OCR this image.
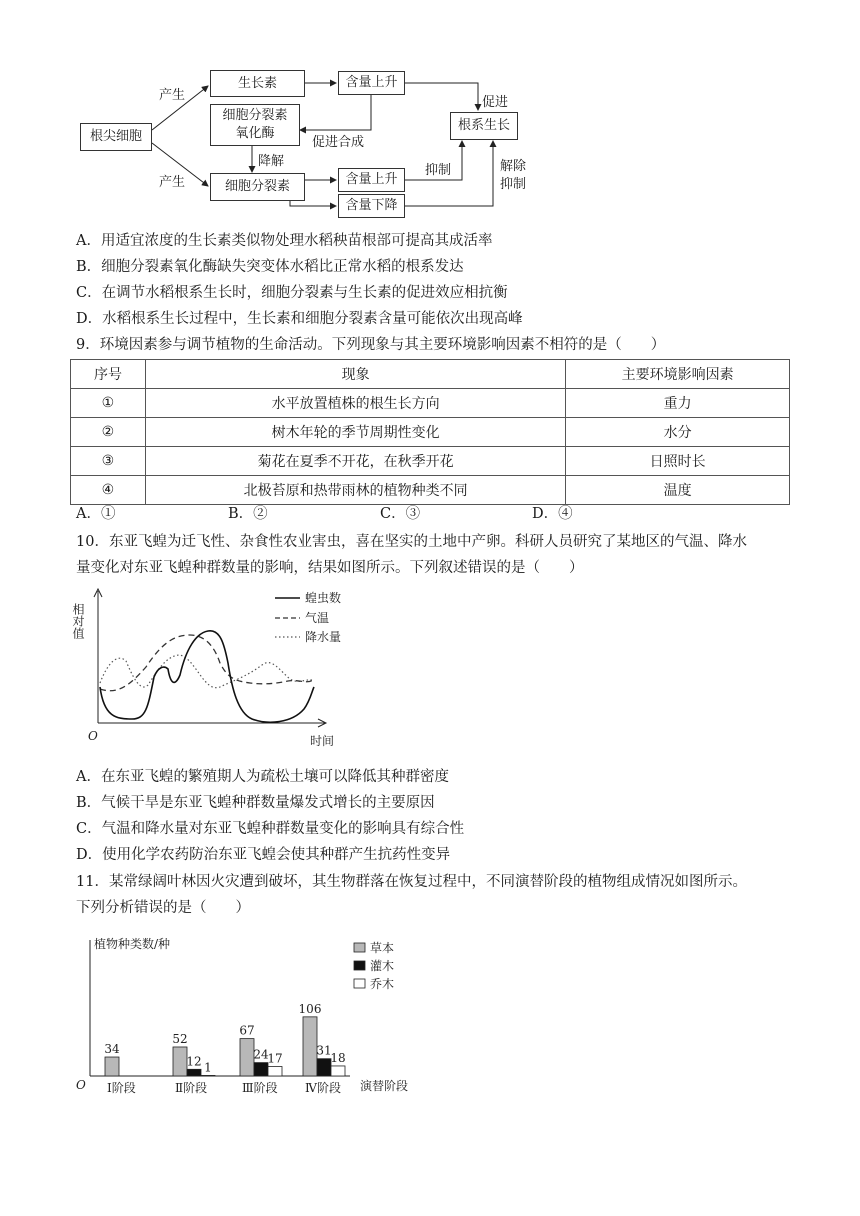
根尖细胞
生长素
细胞分裂素
氧化酶
细胞分裂素
含量上升
含量上升
含量下降
根系生长
产生
产生
促进合成
降解
促进
抑制	解除
抑制
A．用适宜浓度的生长素类似物处理水稻秧苗根部可提高其成活率
B．细胞分裂素氧化酶缺失突变体水稻比正常水稻的根系发达
C．在调节水稻根系生长时，细胞分裂素与生长素的促进效应相抗衡
D．水稻根系生长过程中，生长素和细胞分裂素含量可能依次出现高峰
9．环境因素参与调节植物的生命活动。下列现象与其主要环境影响因素不相符的是（　　）
序号	现象	主要环境影响因素
①	水平放置植株的根生长方向	重力
②	树木年轮的季节周期性变化	水分
③	菊花在夏季不开花，在秋季开花	日照时长
④	北极苔原和热带雨林的植物种类不同	温度
A．①	B．②	C．③	D．④
10．东亚飞蝗为迁飞性、杂食性农业害虫，喜在坚实的土地中产卵。科研人员研究了某地区的气温、降水
量变化对东亚飞蝗种群数量的影响，结果如图所示。下列叙述错误的是（　　）
相对值
O	时间
蝗虫数
气温
降水量
A．在东亚飞蝗的繁殖期人为疏松土壤可以降低其种群密度
B．气候干旱是东亚飞蝗种群数量爆发式增长的主要原因
C．气温和降水量对东亚飞蝗种群数量变化的影响具有综合性
D．使用化学农药防治东亚飞蝗会使其种群产生抗药性变异
11．某常绿阔叶林因火灾遭到破坏，其生物群落在恢复过程中，不同演替阶段的植物组成情况如图所示。
下列分析错误的是（　　）
植物种类数/种
O	演替阶段
34
52
12 1
67
24
17
106
31
18
Ⅰ阶段	Ⅱ阶段	Ⅲ阶段 Ⅳ阶段
草本
灌木
乔木
